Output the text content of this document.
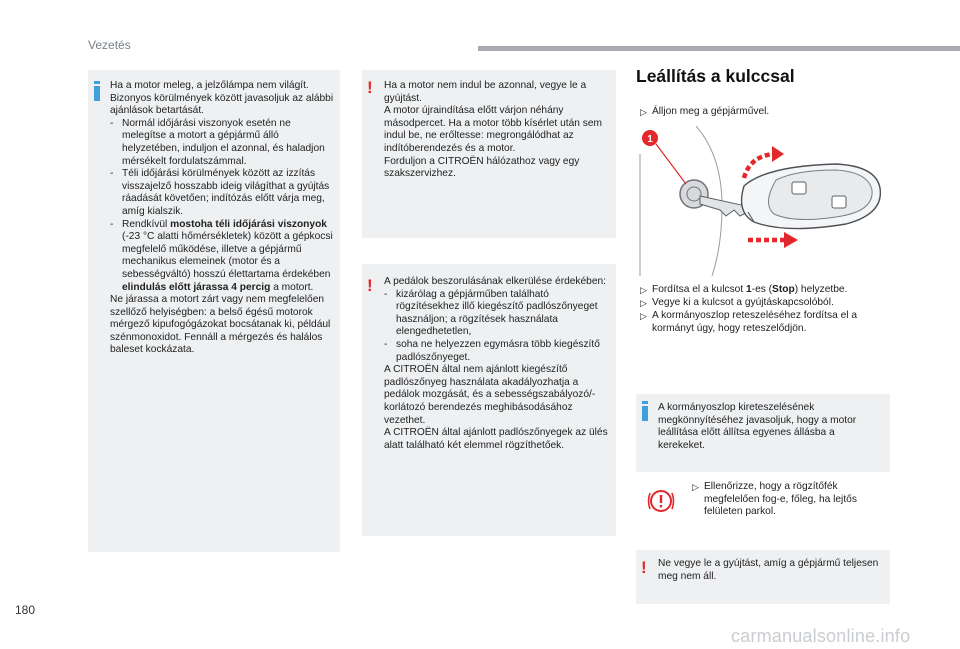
Vezetés

Ha a motor meleg, a jelzőlámpa nem világít. Bizonyos körülmények között javasoljuk az alábbi ajánlások betartását.

- Normál időjárási viszonyok esetén ne melegítse a motort a gépjármű álló helyzetében, induljon el azonnal, és haladjon mérsékelt fordulatszámmal.
- Téli időjárási körülmények között az izzítás visszajelző hosszabb ideig világíthat a gyújtás ráadását követően; indítózás előtt várja meg, amíg kialszik.
- Rendkívül mostoha téli időjárási viszonyok (-23 °C alatti hőmérsékletek) között a gépkocsi megfelelő működése, illetve a gépjármű mechanikus elemeinek (motor és a sebességváltó) hosszú élettartama érdekében elindulás előtt járassa 4 percig a motort.

Ne járassa a motort zárt vagy nem megfelelően szellőző helyiségben: a belső égésű motorok mérgező kipufogógázokat bocsátanak ki, például szénmonoxidot. Fennáll a mérgezés és halálos baleset kockázata.

! Ha a motor nem indul be azonnal, vegye le a gyújtást.

A motor újraindítása előtt várjon néhány másodpercet. Ha a motor több kísérlet után sem indul be, ne erőltesse: megrongálódhat az indítóberendezés és a motor.

Forduljon a CITROËN hálózathoz vagy egy szakszervizhez.

! A pedálok beszorulásának elkerülése érdekében:

- kizárólag a gépjárműben található rögzítésekhez illő kiegészítő padlószőnyeget használjon; a rögzítések használata elengedhetetlen,
- soha ne helyezzen egymásra több kiegészítő padlószőnyeget.

A CITROËN által nem ajánlott kiegészítő padlószőnyeg használata akadályozhatja a pedálok mozgását, és a sebességszabályozó/-korlátozó berendezés meghibásodásához vezethet.

A CITROËN által ajánlott padlószőnyegek az ülés alatt található két elemmel rögzíthetőek.

Leállítás a kulccsal
▷ Álljon meg a gépjárművel.
1
▷ Fordítsa el a kulcsot 1-es (Stop) helyzetbe.
▷ Vegye ki a kulcsot a gyújtáskapcsolóból.
▷ A kormányoszlop reteszeléséhez fordítsa el a kormányt úgy, hogy reteszelődjön.
A kormányoszlop kireteszelésének megkönnyítéséhez javasoljuk, hogy a motor leállítása előtt állítsa egyenes állásba a kerekeket.
▷ Ellenőrizze, hogy a rögzítőfék megfelelően fog-e, főleg, ha lejtős felületen parkol.
! Ne vegye le a gyújtást, amíg a gépjármű teljesen meg nem áll.
180
carmanualsonline.info
